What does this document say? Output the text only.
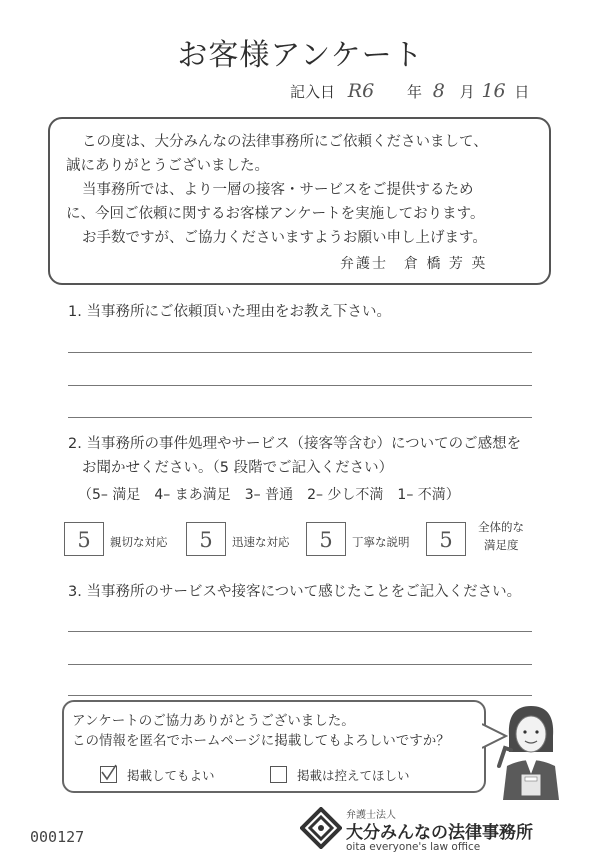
お客様アンケート
記入日 R6 年 8 月 16 日
この度は、大分みんなの法律事務所にご依頼くださいまして、
誠にありがとうございました。
当事務所では、より一層の接客・サービスをご提供するため
に、今回ご依頼に関するお客様アンケートを実施しております。
お手数ですが、ご協力くださいますようお願い申し上げます。
弁護士　倉 橋 芳 英
1. 当事務所にご依頼頂いた理由をお教え下さい。
2. 当事務所の事件処理やサービス（接客等含む）についてのご感想を
お聞かせください。（5 段階でご記入ください）
（5– 満足　4– まあ満足　3– 普通　2– 少し不満　1– 不満）
5	親切な対応	5	迅速な対応	5	丁寧な説明	5
全体的な
満足度
3. 当事務所のサービスや接客について感じたことをご記入ください。
アンケートのご協力ありがとうございました。
この情報を匿名でホームページに掲載してもよろしいですか？
掲載してもよい	掲載は控えてほしい
000127
弁護士法人
大分みんなの法律事務所
oita everyone's law office
